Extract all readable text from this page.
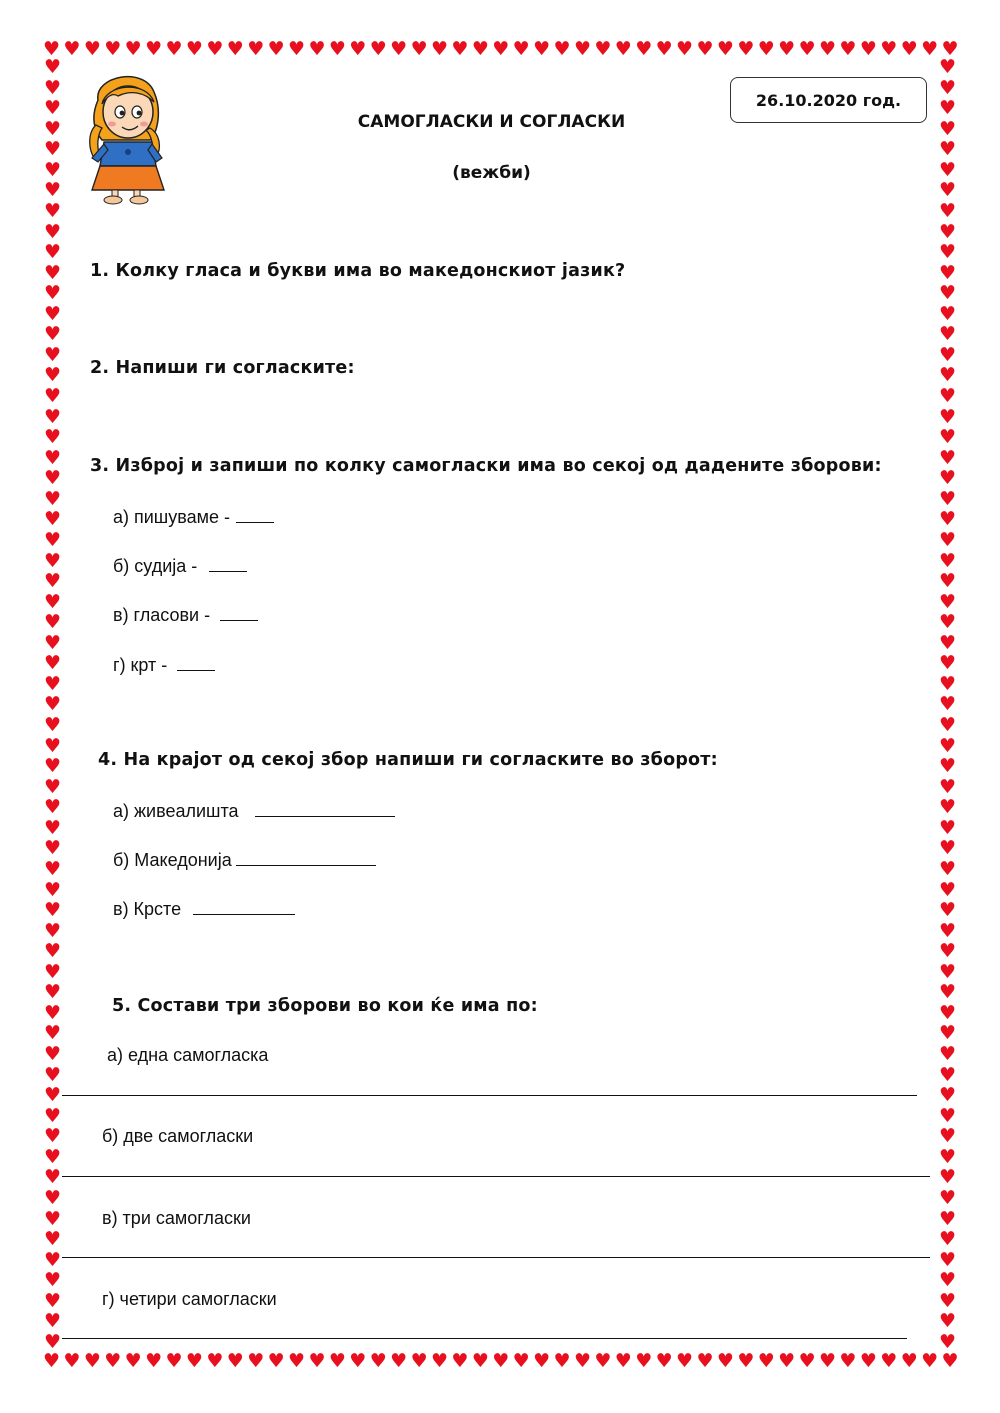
♥ ♥ ♥ ♥ ♥ ♥ ♥ ♥ ♥ ♥ ♥ ♥ ♥ ♥ ♥ ♥ ♥ ♥ ♥ ♥ ♥ ♥ ♥ ♥ ♥ ♥ ♥ ♥ ♥ ♥ ♥ ♥ ♥ ♥ ♥ ♥ ♥ ♥ ♥ ♥ ♥ ♥ ♥ ♥ ♥
♥ ♥ ♥ ♥ ♥ ♥ ♥ ♥ ♥ ♥ ♥ ♥ ♥ ♥ ♥ ♥ ♥ ♥ ♥ ♥ ♥ ♥ ♥ ♥ ♥ ♥ ♥ ♥ ♥ ♥ ♥ ♥ ♥ ♥ ♥ ♥ ♥ ♥ ♥ ♥ ♥ ♥ ♥ ♥ ♥
♥
♥
♥
♥
♥
♥
♥
♥
♥
♥
♥
♥
♥
♥
♥
♥
♥
♥
♥
♥
♥
♥
♥
♥
♥
♥
♥
♥
♥
♥
♥
♥
♥
♥
♥
♥
♥
♥
♥
♥
♥
♥
♥
♥
♥
♥
♥
♥
♥
♥
♥
♥
♥
♥
♥
♥
♥
♥
♥
♥
♥
♥
♥
♥
♥
♥
♥
♥
♥
♥
♥
♥
♥
♥
♥
♥
♥
♥
♥
♥
♥
♥
♥
♥
♥
♥
♥
♥
♥
♥
♥
♥
♥
♥
♥
♥
♥
♥
♥
♥
♥
♥
♥
♥
♥
♥
♥
♥
♥
♥
♥
♥
♥
♥
♥
♥
♥
♥
♥
♥
♥
♥
♥
♥
♥
♥
26.10.2020 год.
САМОГЛАСКИ И СОГЛАСКИ
(вежби)
1. Колку гласа и букви има во македонскиот јазик?
2. Напиши ги согласките:
3. Изброј и запиши по колку самогласки има во секој од дадените зборови:
а) пишуваме -
б) судија -
в) гласови -
г) крт -
4. На крајот од секој збор напиши ги согласките во зборот:
а) живеалишта
б) Македонија
в) Крсте
5. Состави три зборови во кои ќе има по:
а) една самогласка
б) две самогласки
в) три самогласки
г) четири самогласки
